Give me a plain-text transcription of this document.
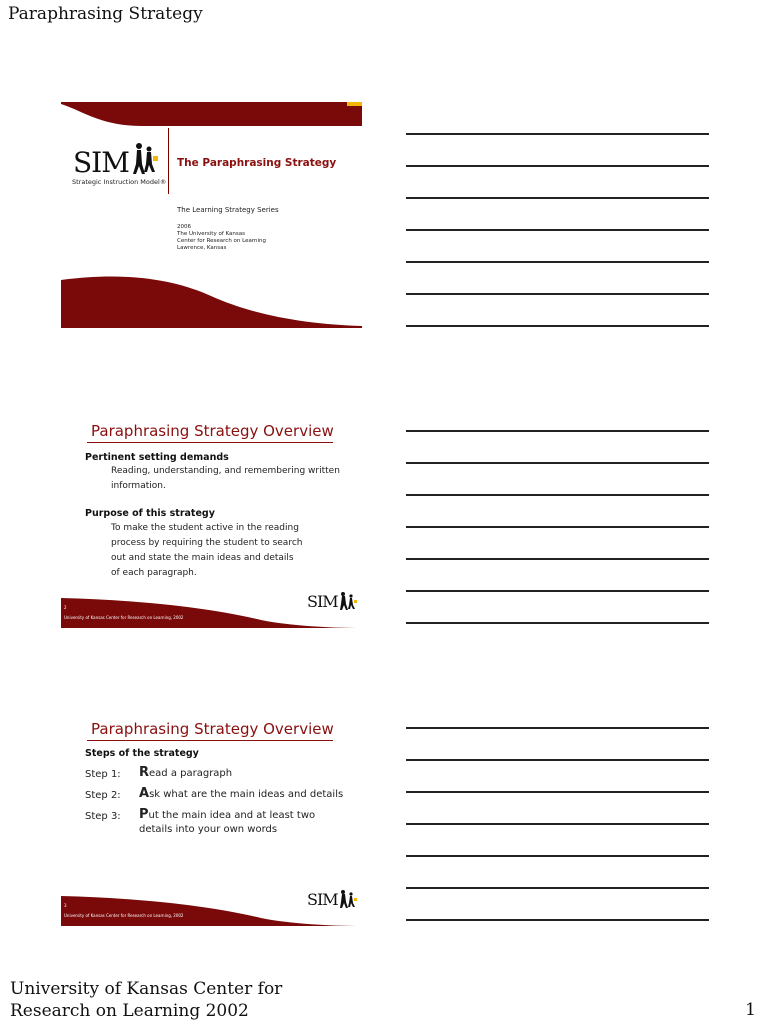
Paraphrasing Strategy
SIM
Strategic Instruction Model®
The Paraphrasing Strategy
The Learning Strategy Series
2006
The University of Kansas
Center for Research on Learning
Lawrence, Kansas
Paraphrasing Strategy Overview
Pertinent setting demands
Reading, understanding, and remembering written
information.
Purpose of this strategy
To make the student active in the reading
process by requiring the student to search
out and state the main ideas and details
of each paragraph.
2
University of Kansas Center for Research on Learning, 2002
SIM
Paraphrasing Strategy Overview
Steps of the strategy
Step 1: Read a paragraph
Step 2: Ask what are the main ideas and details
Step 3: Put the main idea and at least two
details into your own words
3
University of Kansas Center for Research on Learning, 2002
SIM
University of Kansas Center for
Research on Learning 2002	1
